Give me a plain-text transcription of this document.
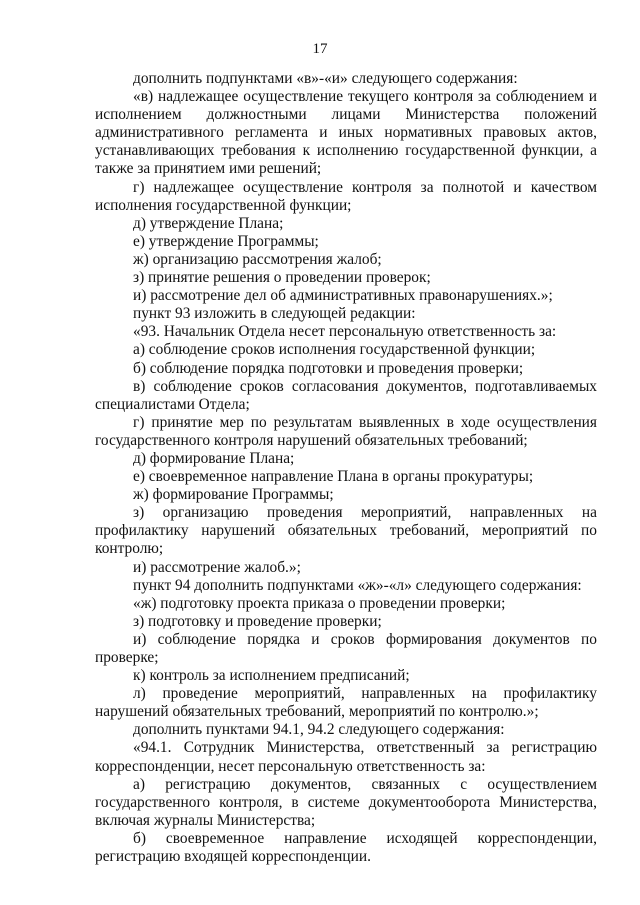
17

дополнить подпунктами «в»-«и» следующего содержания:

«в) надлежащее осуществление текущего контроля за соблюдением и исполнением должностными лицами Министерства положений административного регламента и иных нормативных правовых актов, устанавливающих требования к исполнению государственной функции, а также за принятием ими решений;

г) надлежащее осуществление контроля за полнотой и качеством исполнения государственной функции;

д) утверждение Плана;

е) утверждение Программы;

ж) организацию рассмотрения жалоб;

з) принятие решения о проведении проверок;

и) рассмотрение дел об административных правонарушениях.»;

пункт 93 изложить в следующей редакции:

«93. Начальник Отдела несет персональную ответственность за:

а) соблюдение сроков исполнения государственной функции;

б) соблюдение порядка подготовки и проведения проверки;

в) соблюдение сроков согласования документов, подготавливаемых специалистами Отдела;

г) принятие мер по результатам выявленных в ходе осуществления государственного контроля нарушений обязательных требований;

д) формирование Плана;

е) своевременное направление Плана в органы прокуратуры;

ж) формирование Программы;

з) организацию проведения мероприятий, направленных на профилактику нарушений обязательных требований, мероприятий по контролю;

и) рассмотрение жалоб.»;

пункт 94 дополнить подпунктами «ж»-«л» следующего содержания:

«ж) подготовку проекта приказа о проведении проверки;

з) подготовку и проведение проверки;

и) соблюдение порядка и сроков формирования документов по проверке;

к) контроль за исполнением предписаний;

л) проведение мероприятий, направленных на профилактику нарушений обязательных требований, мероприятий по контролю.»;

дополнить пунктами 94.1, 94.2 следующего содержания:

«94.1. Сотрудник Министерства, ответственный за регистрацию корреспонденции, несет персональную ответственность за:

а) регистрацию документов, связанных с осуществлением государственного контроля, в системе документооборота Министерства, включая журналы Министерства;

б) своевременное направление исходящей корреспонденции, регистрацию входящей корреспонденции.
